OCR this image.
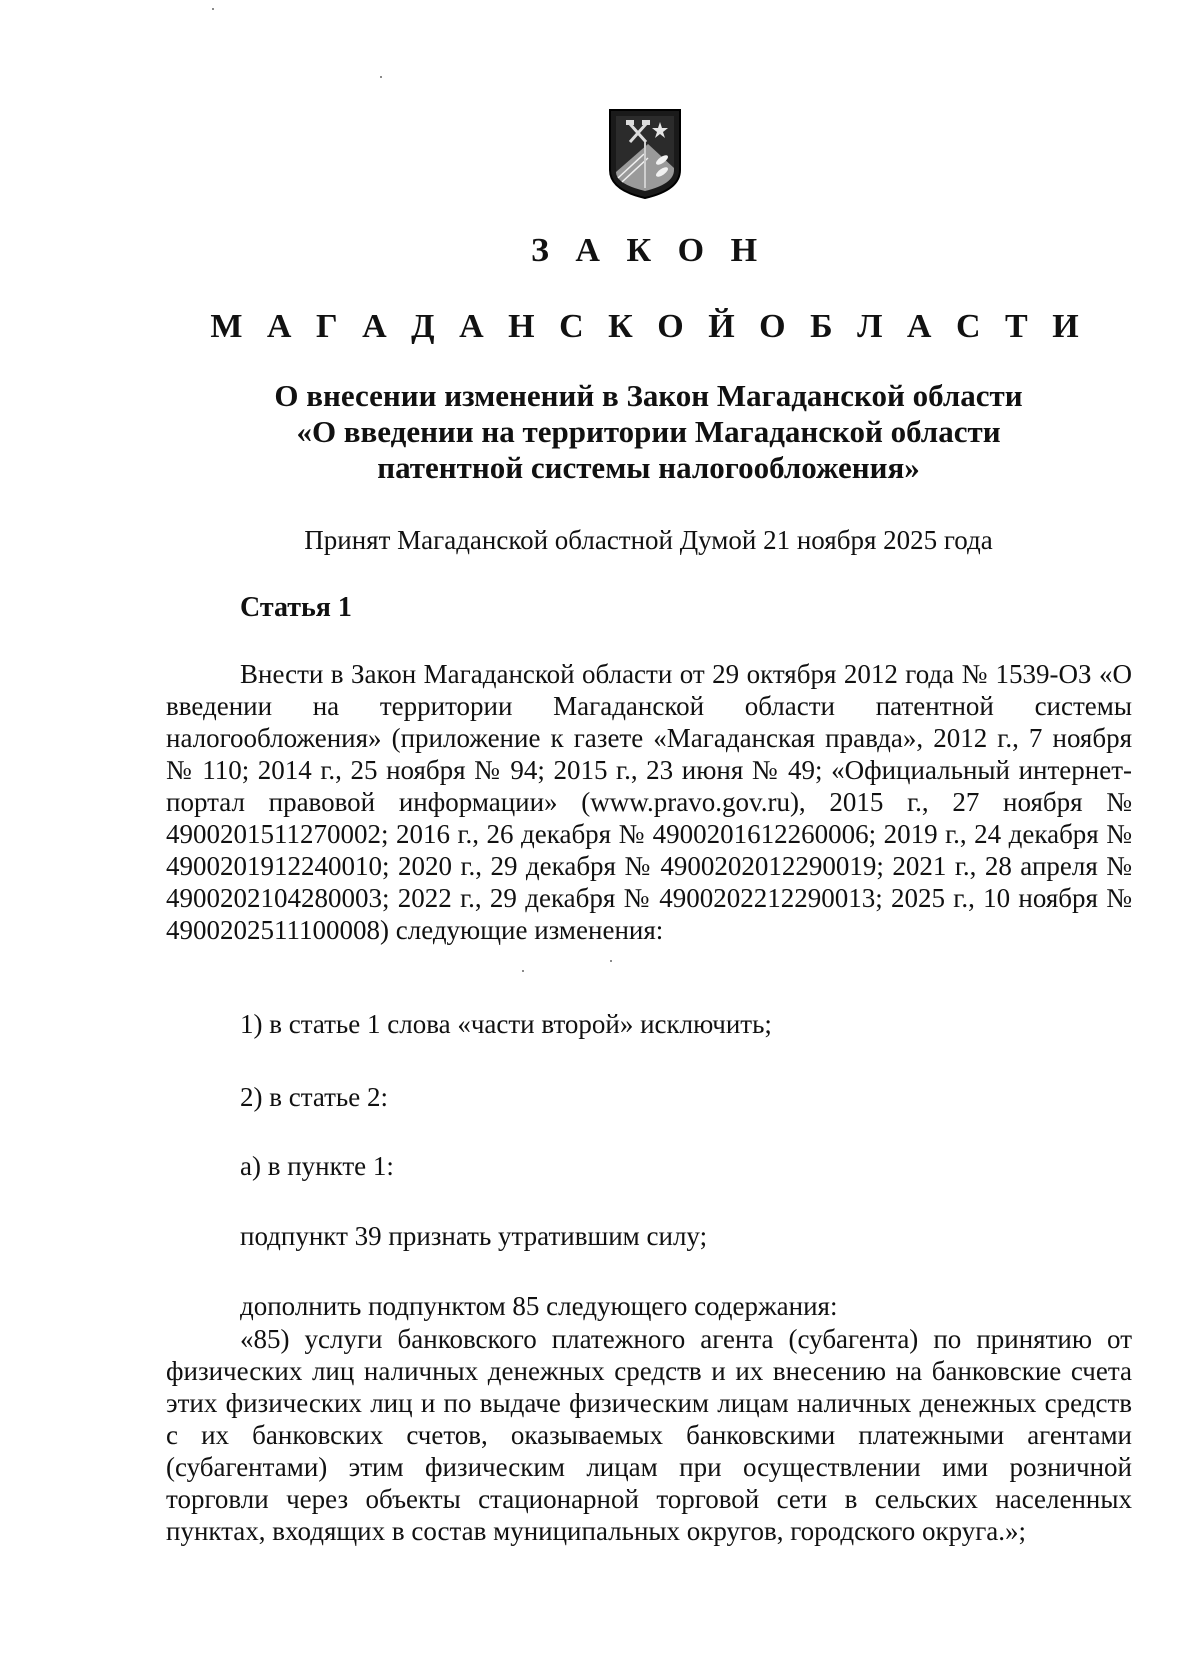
З А К О Н
М А Г А Д А Н С К О Й О Б Л А С Т И
О внесении изменений в Закон Магаданской области
«О введении на территории Магаданской области
патентной системы налогообложения»
Принят Магаданской областной Думой 21 ноября 2025 года
Статья 1
Внести в Закон Магаданской области от 29 октября 2012 года № 1539-ОЗ «О введении на территории Магаданской области патентной системы налогообложения» (приложение к газете «Магаданская правда», 2012 г., 7 ноября № 110; 2014 г., 25 ноября № 94; 2015 г., 23 июня № 49; «Официальный интернет-портал правовой информации» (www.pravo.gov.ru), 2015 г., 27 ноября № 4900201511270002; 2016 г., 26 декабря № 4900201612260006; 2019 г., 24 декабря № 4900201912240010; 2020 г., 29 декабря № 4900202012290019; 2021 г., 28 апреля № 4900202104280003; 2022 г., 29 декабря № 4900202212290013; 2025 г., 10 ноября № 4900202511100008) следующие изменения:
1) в статье 1 слова «части второй» исключить;
2) в статье 2:
а) в пункте 1:
подпункт 39 признать утратившим силу;
дополнить подпунктом 85 следующего содержания:
«85) услуги банковского платежного агента (субагента) по принятию от физических лиц наличных денежных средств и их внесению на банковские счета этих физических лиц и по выдаче физическим лицам наличных денежных средств с их банковских счетов, оказываемых банковскими платежными агентами (субагентами) этим физическим лицам при осуществлении ими розничной торговли через объекты стационарной торговой сети в сельских населенных пунктах, входящих в состав муниципальных округов, городского округа.»;
